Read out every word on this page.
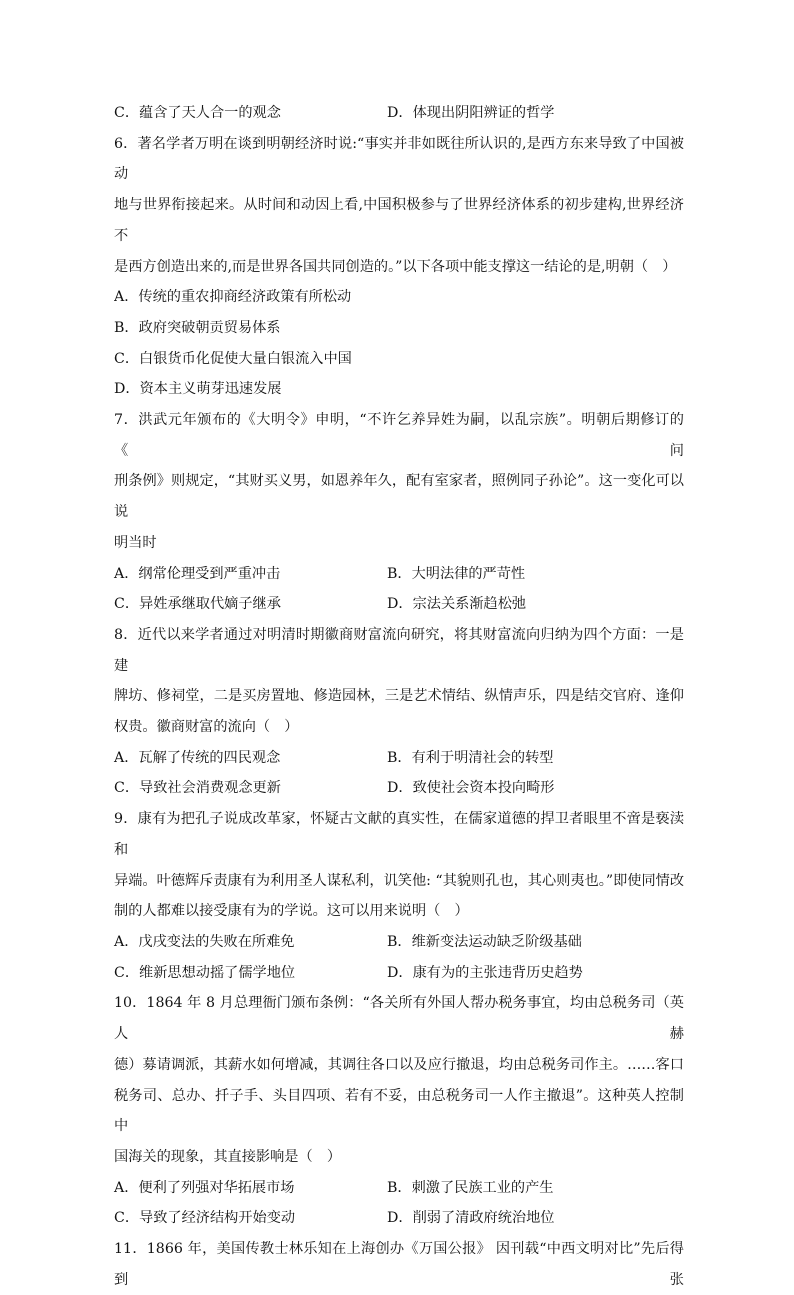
C．蕴含了天人合一的观念	D．体现出阴阳辨证的哲学
6．著名学者万明在谈到明朝经济时说:“事实并非如既往所认识的,是西方东来导致了中国被动
地与世界衔接起来。从时间和动因上看,中国积极参与了世界经济体系的初步建构,世界经济不
是西方创造出来的,而是世界各国共同创造的。”以下各项中能支撑这一结论的是,明朝（　）
A．传统的重农抑商经济政策有所松动
B．政府突破朝贡贸易体系
C．白银货币化促使大量白银流入中国
D．资本主义萌芽迅速发展
7．洪武元年颁布的《大明令》申明，“不许乞养异姓为嗣，以乱宗族”。明朝后期修订的《问
刑条例》则规定，“其财买义男，如恩养年久，配有室家者，照例同子孙论”。这一变化可以说
明当时
A．纲常伦理受到严重冲击	B．大明法律的严苛性
C．异姓承继取代嫡子继承	D．宗法关系渐趋松弛
8．近代以来学者通过对明清时期徽商财富流向研究，将其财富流向归纳为四个方面：一是建
牌坊、修祠堂，二是买房置地、修造园林，三是艺术情结、纵情声乐，四是结交官府、逢仰
权贵。徽商财富的流向（　）
A．瓦解了传统的四民观念	B．有利于明清社会的转型
C．导致社会消费观念更新	D．致使社会资本投向畸形
9．康有为把孔子说成改革家，怀疑古文献的真实性，在儒家道德的捍卫者眼里不啻是亵渎和
异端。叶德辉斥责康有为利用圣人谋私利，讥笑他: “其貌则孔也，其心则夷也。”即使同情改
制的人都难以接受康有为的学说。这可以用来说明（　）
A．戊戌变法的失败在所难免	B．维新变法运动缺乏阶级基础
C．维新思想动摇了儒学地位	D．康有为的主张违背历史趋势
10．1864 年 8 月总理衙门颁布条例：“各关所有外国人帮办税务事宜，均由总税务司（英人赫
德）募请调派，其薪水如何增减，其调往各口以及应行撤退，均由总税务司作主。……客口
税务司、总办、扦子手、头目四项、若有不妥，由总税务司一人作主撤退”。这种英人控制中
国海关的现象，其直接影响是（　）
A．便利了列强对华拓展市场	B．刺激了民族工业的产生
C．导致了经济结构开始变动	D．削弱了清政府统治地位
11．1866 年，美国传教士林乐知在上海创办《万国公报》 因刊载“中西文明对比”先后得到张
